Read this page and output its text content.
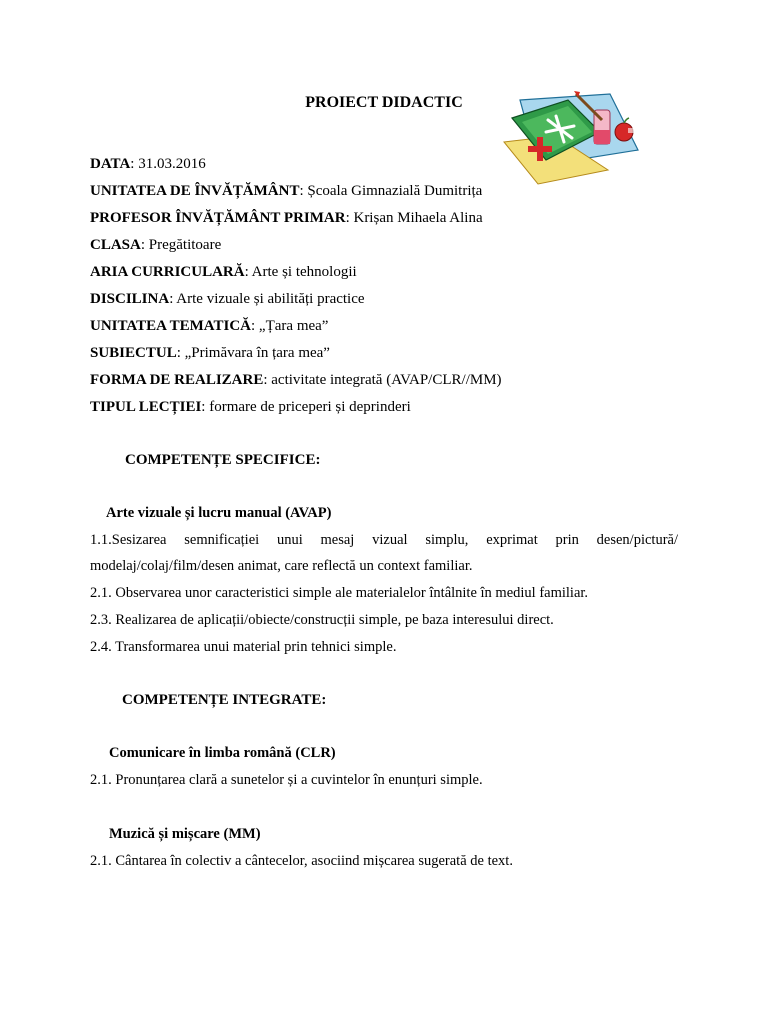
PROIECT DIDACTIC
DATA: 31.03.2016
UNITATEA DE ÎNVĂȚĂMÂNT: Școala Gimnazială Dumitrița
PROFESOR ÎNVĂȚĂMÂNT PRIMAR: Krișan Mihaela Alina
CLASA: Pregătitoare
ARIA CURRICULARĂ: Arte și tehnologii
DISCILINA: Arte vizuale și abilități practice
UNITATEA TEMATICĂ: „Țara mea”
SUBIECTUL: „Primăvara în țara mea”
FORMA DE REALIZARE: activitate integrată (AVAP/CLR//MM)
TIPUL LECȚIEI: formare de priceperi și deprinderi
COMPETENȚE SPECIFICE:
Arte vizuale și lucru manual (AVAP)
1.1.Sesizarea semnificației unui mesaj vizual simplu, exprimat prin desen/pictură/
modelaj/colaj/film/desen animat, care reflectă un context familiar.
2.1. Observarea unor caracteristici simple ale materialelor întâlnite în mediul familiar.
2.3. Realizarea de aplicații/obiecte/construcții simple, pe baza interesului direct.
2.4. Transformarea unui material prin tehnici simple.
COMPETENȚE INTEGRATE:
Comunicare în limba română (CLR)
2.1. Pronunțarea clară a sunetelor și a cuvintelor în enunțuri simple.
Muzică și mișcare (MM)
2.1. Cântarea în colectiv a cântecelor, asociind mișcarea sugerată de text.
